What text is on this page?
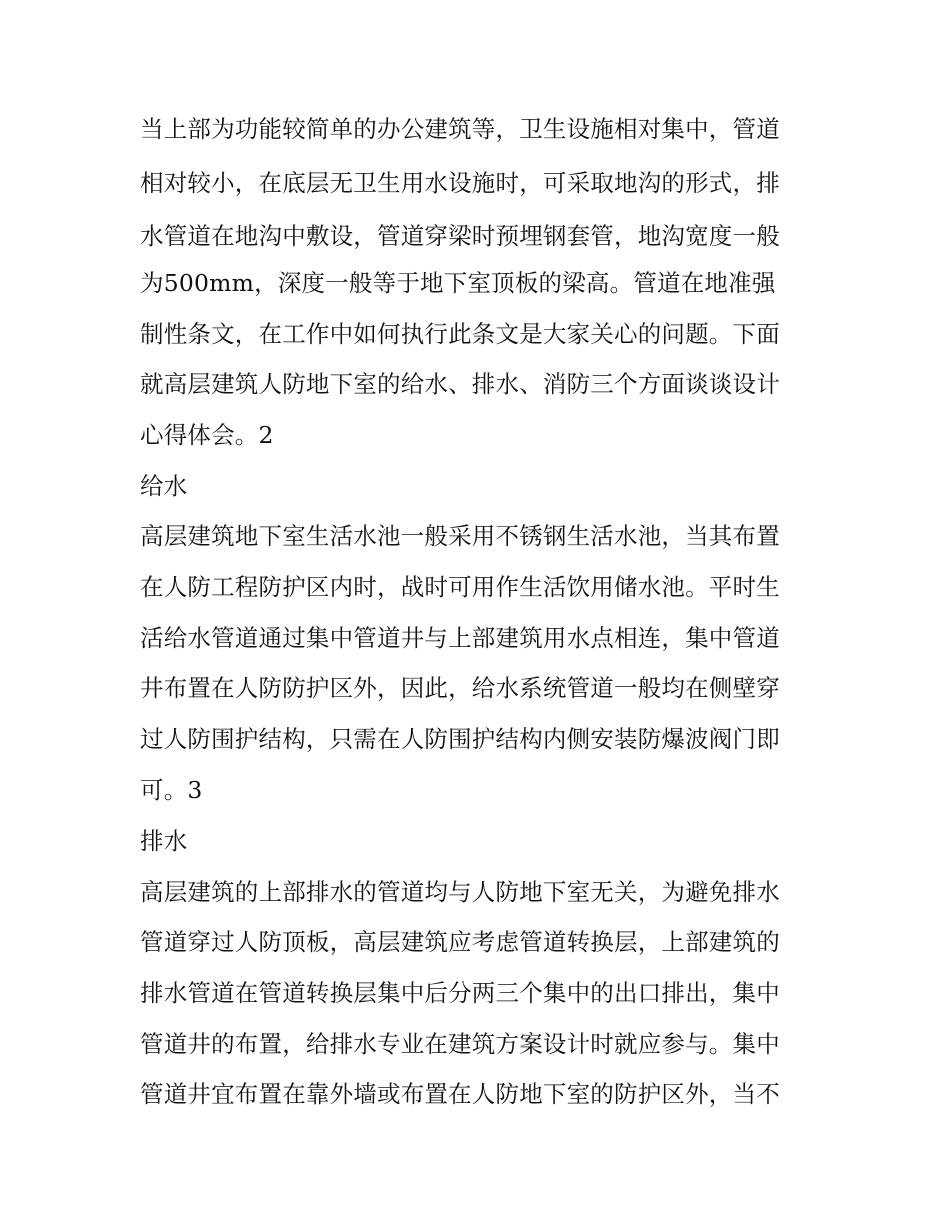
当上部为功能较简单的办公建筑等，卫生设施相对集中，管道
相对较小，在底层无卫生用水设施时，可采取地沟的形式，排
水管道在地沟中敷设，管道穿梁时预埋钢套管，地沟宽度一般
为500mm，深度一般等于地下室顶板的梁高。管道在地准强
制性条文，在工作中如何执行此条文是大家关心的问题。下面
就高层建筑人防地下室的给水、排水、消防三个方面谈谈设计
心得体会。2
给水
高层建筑地下室生活水池一般采用不锈钢生活水池，当其布置
在人防工程防护区内时，战时可用作生活饮用储水池。平时生
活给水管道通过集中管道井与上部建筑用水点相连，集中管道
井布置在人防防护区外，因此，给水系统管道一般均在侧壁穿
过人防围护结构，只需在人防围护结构内侧安装防爆波阀门即
可。3
排水
高层建筑的上部排水的管道均与人防地下室无关，为避免排水
管道穿过人防顶板，高层建筑应考虑管道转换层，上部建筑的
排水管道在管道转换层集中后分两三个集中的出口排出，集中
管道井的布置，给排水专业在建筑方案设计时就应参与。集中
管道井宜布置在靠外墙或布置在人防地下室的防护区外，当不
